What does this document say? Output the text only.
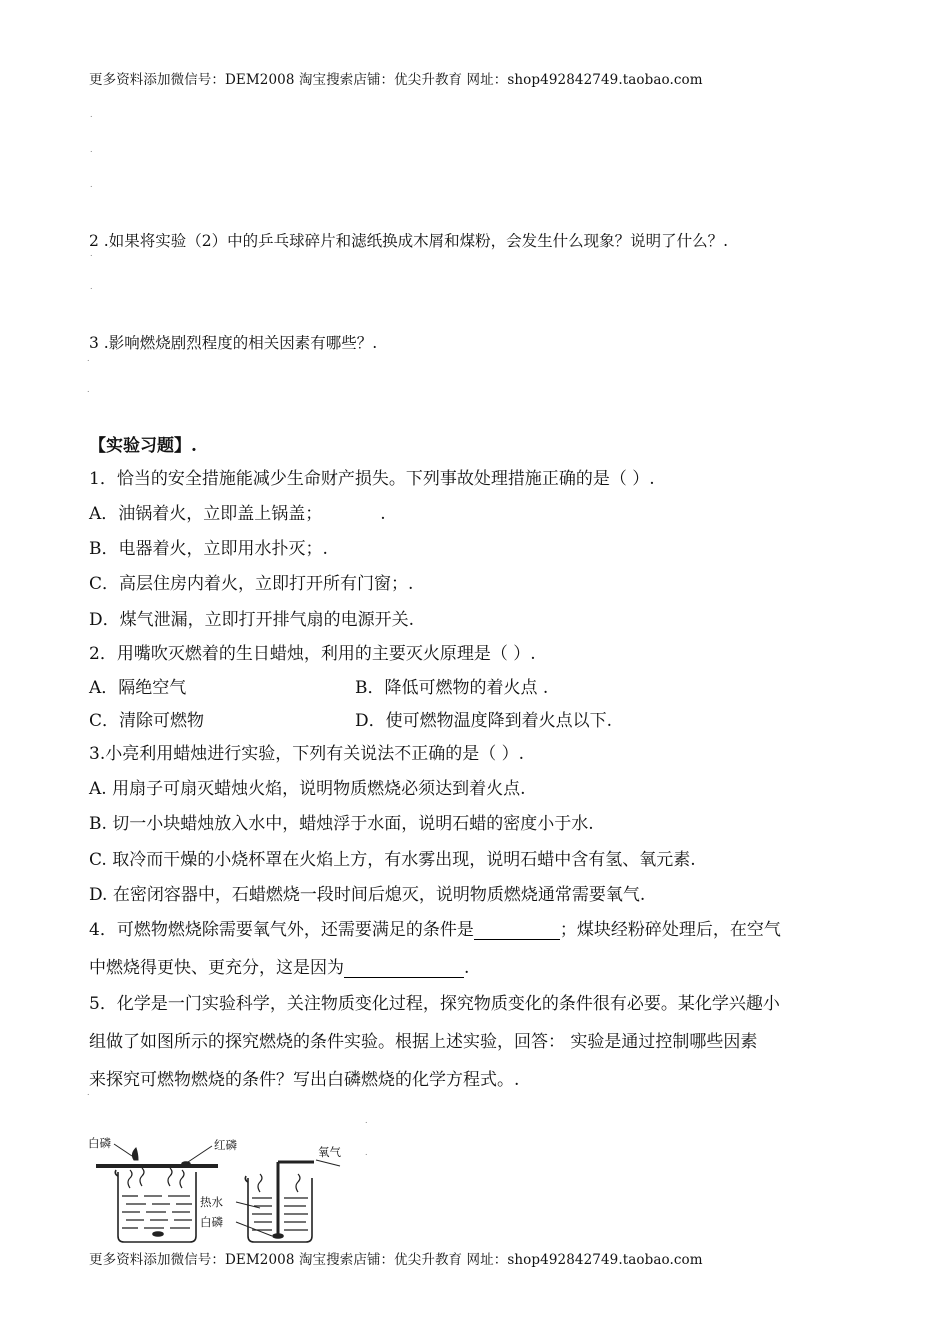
更多资料添加微信号：DEM2008 淘宝搜索店铺：优尖升教育 网址：shop492842749.taobao.com
˙
˙
˙
2 .如果将实验（2）中的乒乓球碎片和滤纸换成木屑和煤粉，会发生什么现象？说明了什么？.
˙
˙
3 .影响燃烧剧烈程度的相关因素有哪些？.
˙
˙
【实验习题】.
1．恰当的安全措施能减少生命财产损失。下列事故处理措施正确的是（ ）.
A．油锅着火，立即盖上锅盖；	.
B．电器着火，立即用水扑灭；.
C．高层住房内着火，立即打开所有门窗；.
D．煤气泄漏，立即打开排气扇的电源开关.
2．用嘴吹灭燃着的生日蜡烛，利用的主要灭火原理是（ ）.
A．隔绝空气	B．降低可燃物的着火点 .
C．清除可燃物	D．使可燃物温度降到着火点以下.
3.小亮利用蜡烛进行实验，下列有关说法不正确的是（ ）.
A. 用扇子可扇灭蜡烛火焰，说明物质燃烧必须达到着火点.
B. 切一小块蜡烛放入水中，蜡烛浮于水面，说明石蜡的密度小于水.
C. 取冷而干燥的小烧杯罩在火焰上方，有水雾出现，说明石蜡中含有氢、氧元素.
D. 在密闭容器中，石蜡燃烧一段时间后熄灭，说明物质燃烧通常需要氧气.
4．可燃物燃烧除需要氧气外，还需要满足的条件是	；煤块经粉碎处理后，在空气
中燃烧得更快、更充分，这是因为	.
5．化学是一门实验科学，关注物质变化过程，探究物质变化的条件很有必要。某化学兴趣小
组做了如图所示的探究燃烧的条件实验。根据上述实验，回答： 实验是通过控制哪些因素
来探究可燃物燃烧的条件？写出白磷燃烧的化学方程式。.
˙
˙
˙
白磷	红磷
热水
白磷
氧气
更多资料添加微信号：DEM2008 淘宝搜索店铺：优尖升教育 网址：shop492842749.taobao.com
